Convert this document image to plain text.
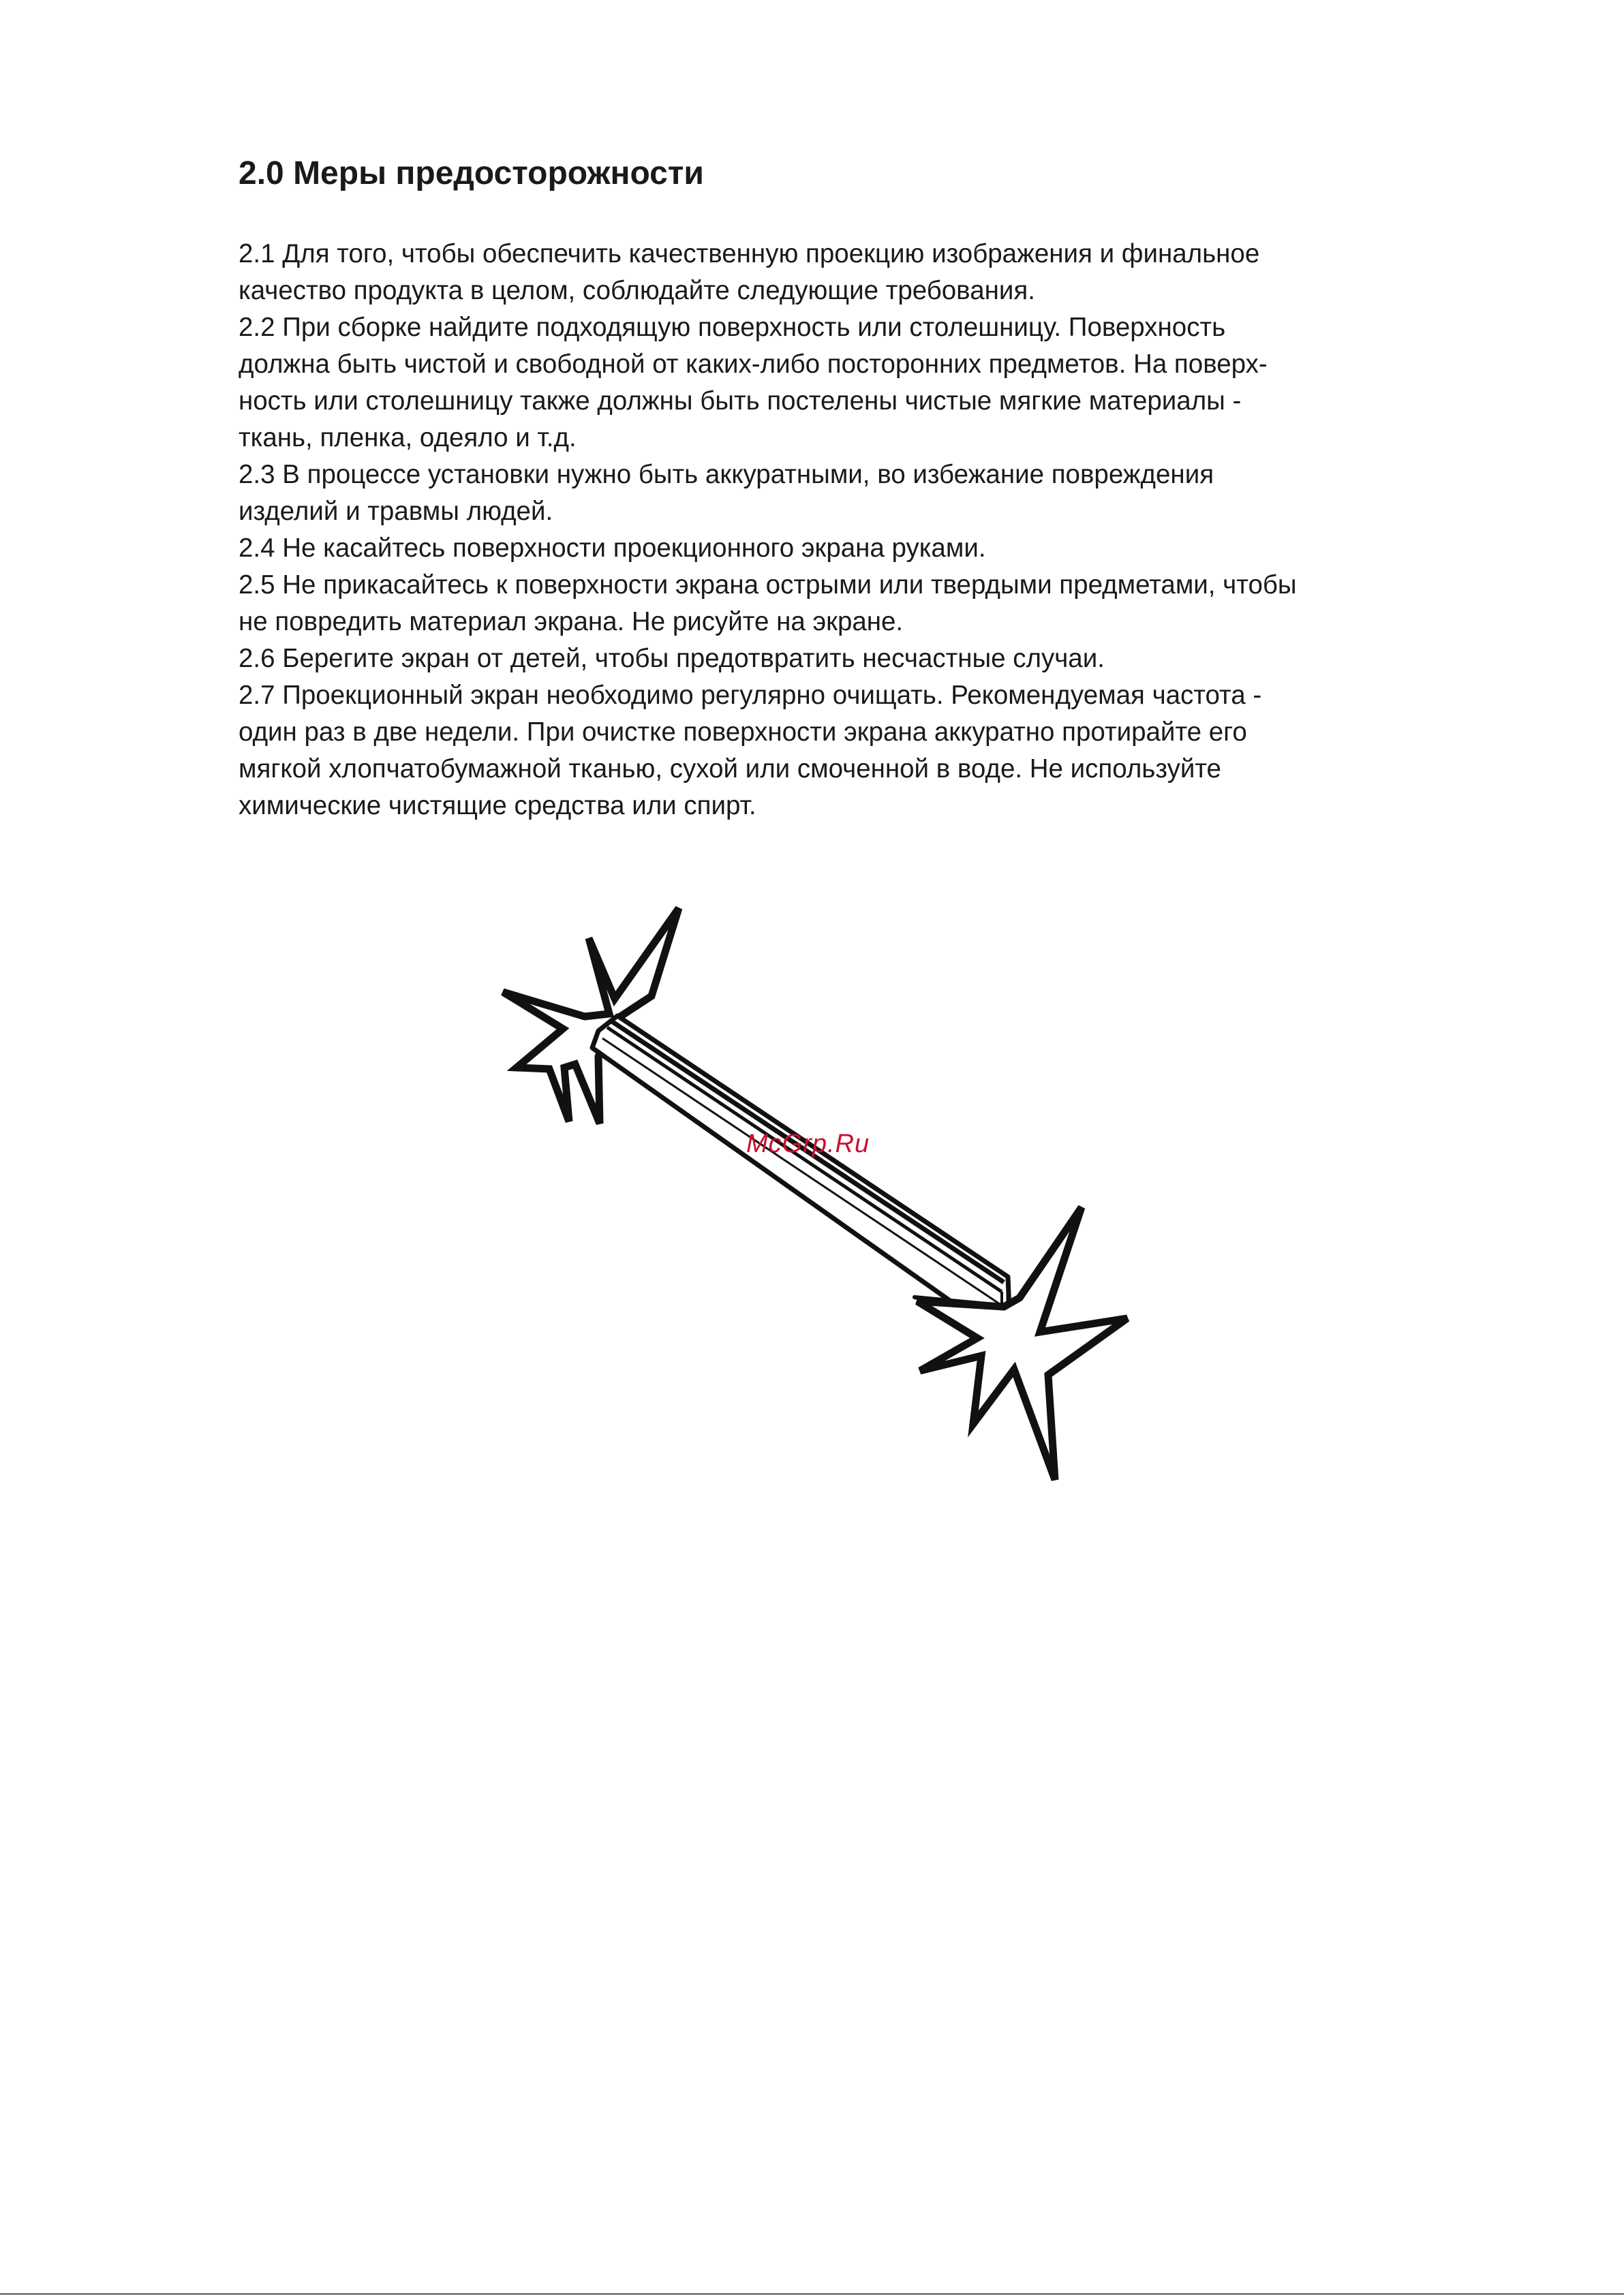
2.0 Меры предосторожности
2.1 Для того, чтобы обеспечить качественную проекцию изображения и финальное
качество продукта в целом, соблюдайте следующие требования.
2.2 При сборке найдите подходящую поверхность или столешницу. Поверхность
должна быть чистой и свободной от каких-либо посторонних предметов. На поверх-
ность или столешницу также должны быть постелены чистые мягкие материалы -
ткань, пленка, одеяло и т.д.
2.3 В процессе установки нужно быть аккуратными, во избежание повреждения
изделий и травмы людей.
2.4 Не касайтесь поверхности проекционного экрана руками.
2.5 Не прикасайтесь к поверхности экрана острыми или твердыми предметами, чтобы
не повредить материал экрана. Не рисуйте на экране.
2.6 Берегите экран от детей, чтобы предотвратить несчастные случаи.
2.7 Проекционный экран необходимо регулярно очищать. Рекомендуемая частота -
один раз в две недели. При очистке поверхности экрана аккуратно протирайте его
мягкой хлопчатобумажной тканью, сухой или смоченной в воде. Не используйте
химические чистящие средства или спирт.
McGrp.Ru
